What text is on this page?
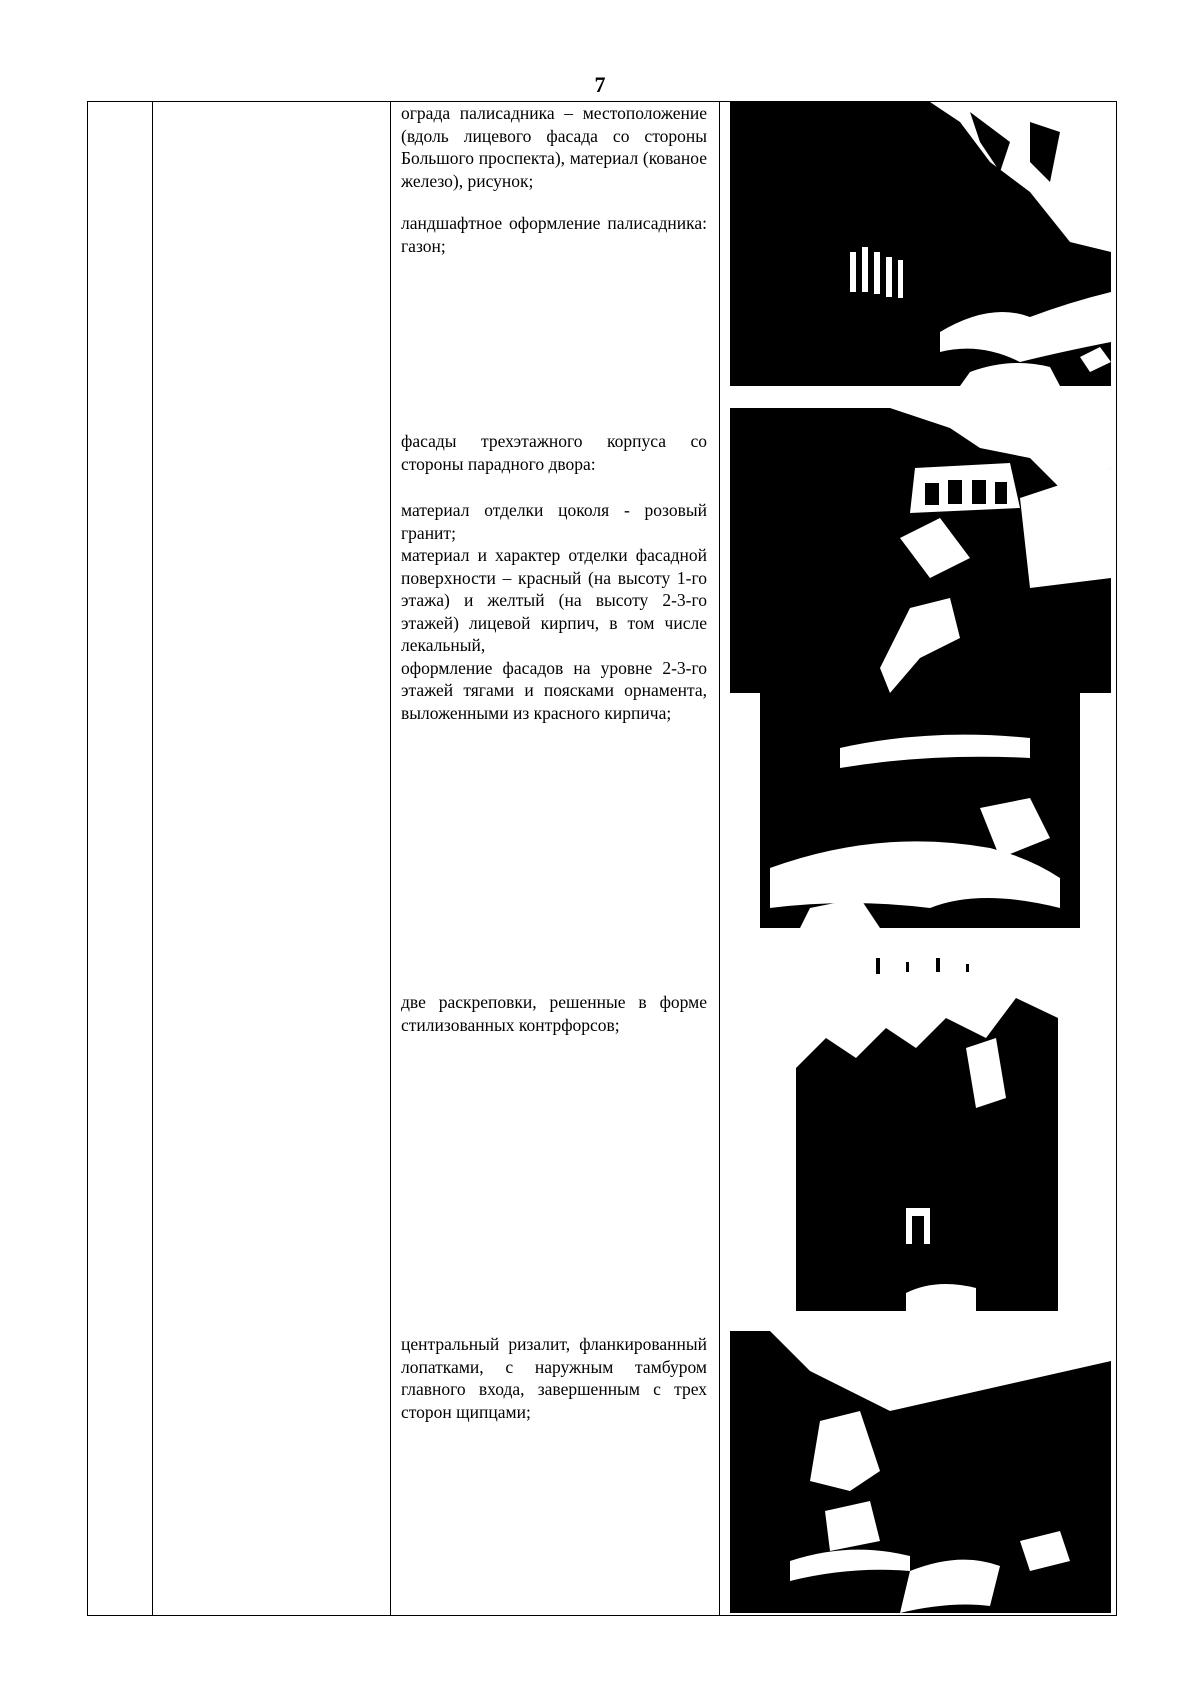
7

ограда палисадника – местоположение (вдоль лицевого фасада со стороны Большого проспекта), материал (кованое железо), рисунок;

ландшафтное оформление палисадника: газон;

фасады трехэтажного корпуса со стороны парадного двора:

материал отделки цоколя - розовый гранит;

материал и характер отделки фасадной поверхности – красный (на высоту 1-го этажа) и желтый (на высоту 2-3-го этажей) лицевой кирпич, в том числе лекальный,

оформление фасадов на уровне 2-3-го этажей тягами и поясками орнамента, выложенными из красного кирпича;

две раскреповки, решенные в форме стилизованных контрфорсов;

центральный ризалит, фланкированный лопатками, с наружным тамбуром главного входа, завершенным с трех сторон щипцами;
